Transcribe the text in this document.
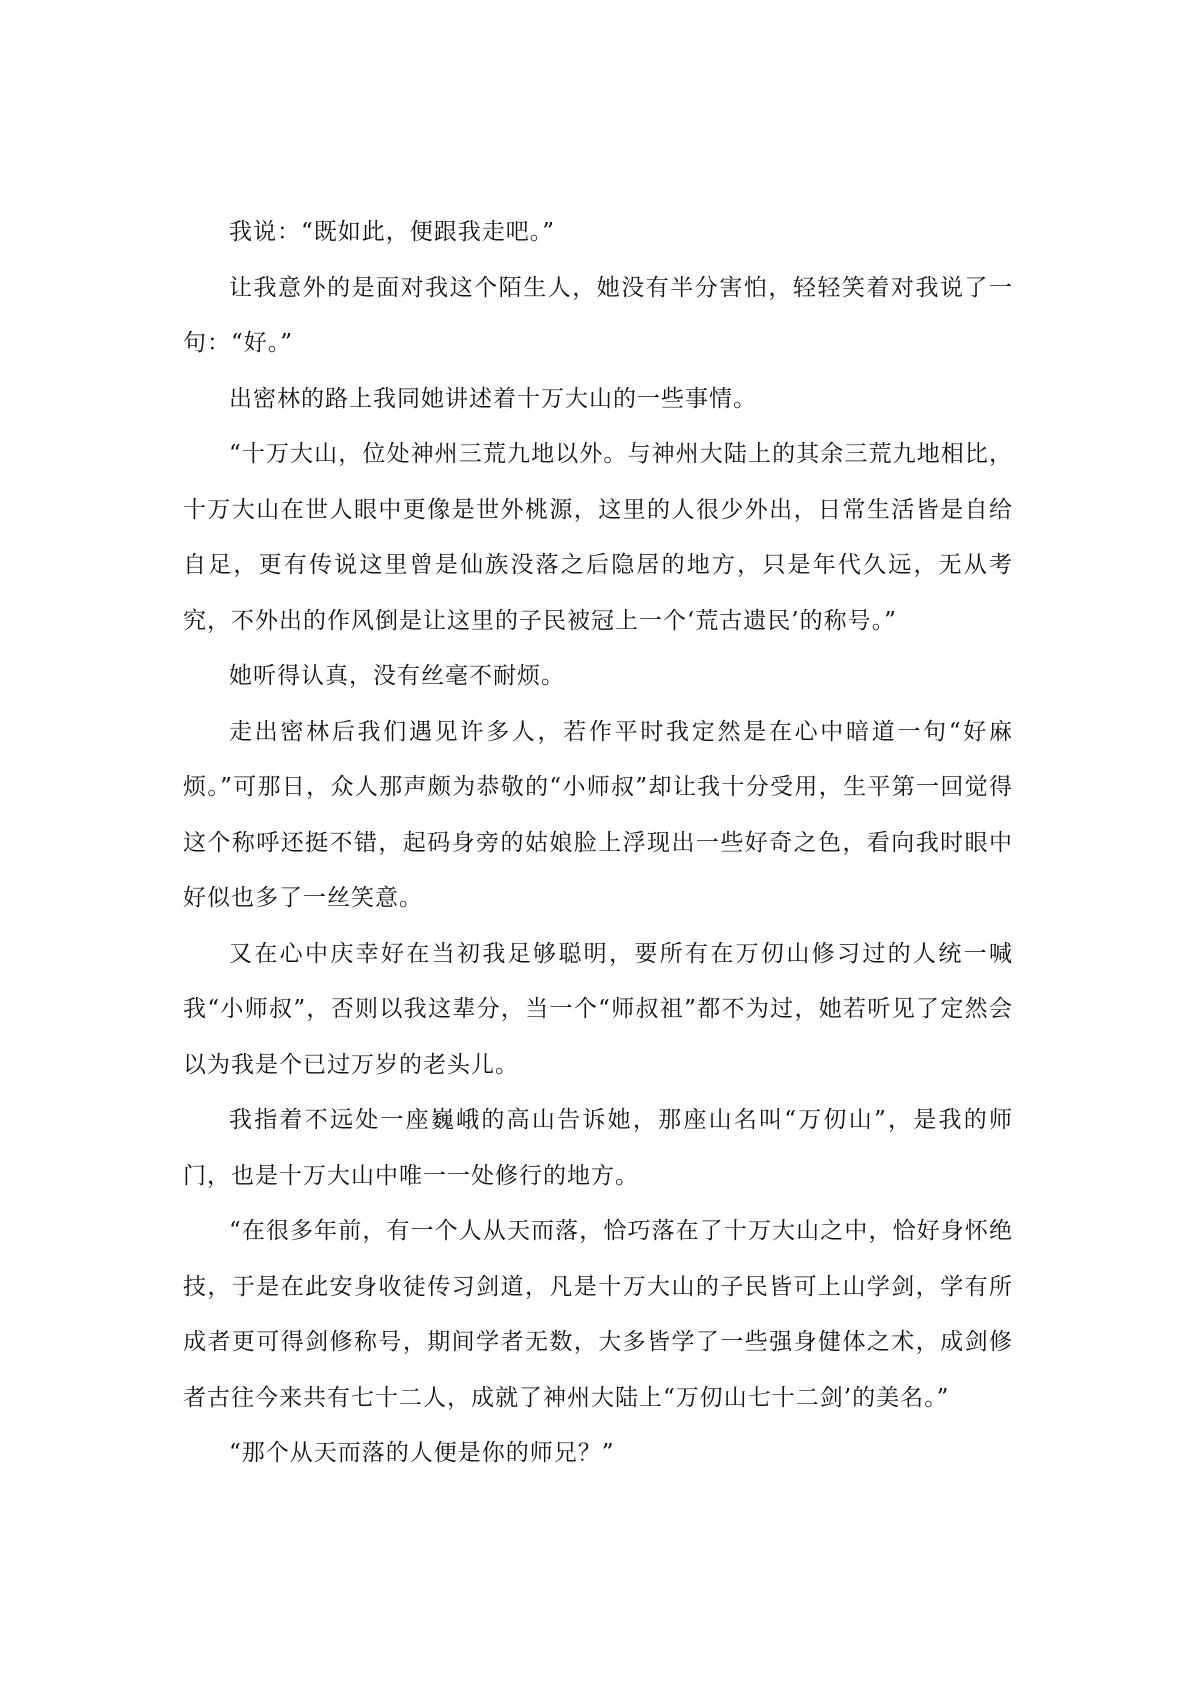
我说：“既如此，便跟我走吧。”

让我意外的是面对我这个陌生人，她没有半分害怕，轻轻笑着对我说了一句：“好。”

出密林的路上我同她讲述着十万大山的一些事情。

“十万大山，位处神州三荒九地以外。与神州大陆上的其余三荒九地相比，十万大山在世人眼中更像是世外桃源，这里的人很少外出，日常生活皆是自给自足，更有传说这里曾是仙族没落之后隐居的地方，只是年代久远，无从考究，不外出的作风倒是让这里的子民被冠上一个‘荒古遗民’的称号。”

她听得认真，没有丝毫不耐烦。

走出密林后我们遇见许多人，若作平时我定然是在心中暗道一句“好麻烦。”可那日，众人那声颇为恭敬的“小师叔”却让我十分受用，生平第一回觉得这个称呼还挺不错，起码身旁的姑娘脸上浮现出一些好奇之色，看向我时眼中好似也多了一丝笑意。

又在心中庆幸好在当初我足够聪明，要所有在万仞山修习过的人统一喊我“小师叔”，否则以我这辈分，当一个“师叔祖”都不为过，她若听见了定然会以为我是个已过万岁的老头儿。

我指着不远处一座巍峨的高山告诉她，那座山名叫“万仞山”，是我的师门，也是十万大山中唯一一处修行的地方。

“在很多年前，有一个人从天而落，恰巧落在了十万大山之中，恰好身怀绝技，于是在此安身收徒传习剑道，凡是十万大山的子民皆可上山学剑，学有所成者更可得剑修称号，期间学者无数，大多皆学了一些强身健体之术，成剑修者古往今来共有七十二人，成就了神州大陆上“万仞山七十二剑’的美名。”

“那个从天而落的人便是你的师兄？”
